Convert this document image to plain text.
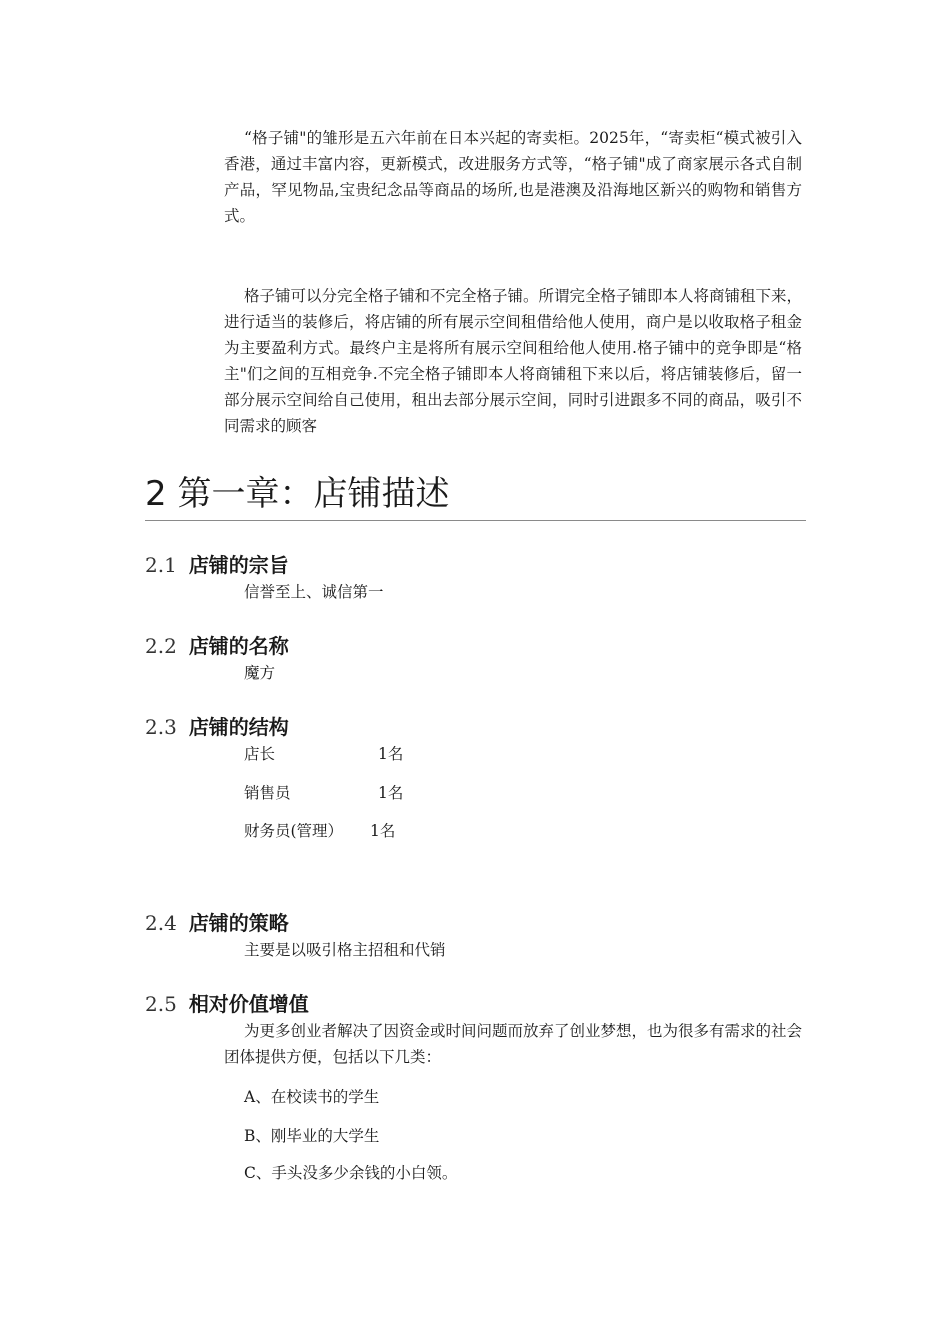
“格子铺"的雏形是五六年前在日本兴起的寄卖柜。2025年，“寄卖柜“模式被引入香港，通过丰富内容，更新模式，改进服务方式等，“格子铺"成了商家展示各式自制产品，罕见物品,宝贵纪念品等商品的场所,也是港澳及沿海地区新兴的购物和销售方式。

格子铺可以分完全格子铺和不完全格子铺。所谓完全格子铺即本人将商铺租下来，进行适当的装修后，将店铺的所有展示空间租借给他人使用，商户是以收取格子租金为主要盈利方式。最终户主是将所有展示空间租给他人使用.格子铺中的竞争即是“格主"们之间的互相竞争.不完全格子铺即本人将商铺租下来以后，将店铺装修后，留一部分展示空间给自己使用，租出去部分展示空间，同时引进跟多不同的商品，吸引不同需求的顾客

2 第一章：店铺描述
2.1 店铺的宗旨

信誉至上、诚信第一

2.2 店铺的名称

魔方

2.3 店铺的结构
店长	1名
销售员	1名
财务员(管理） 1名
2.4 店铺的策略

主要是以吸引格主招租和代销

2.5 相对价值增值

为更多创业者解决了因资金或时间问题而放弃了创业梦想，也为很多有需求的社会团体提供方便，包括以下几类：

A、在校读书的学生
B、刚毕业的大学生
C、手头没多少余钱的小白领。
